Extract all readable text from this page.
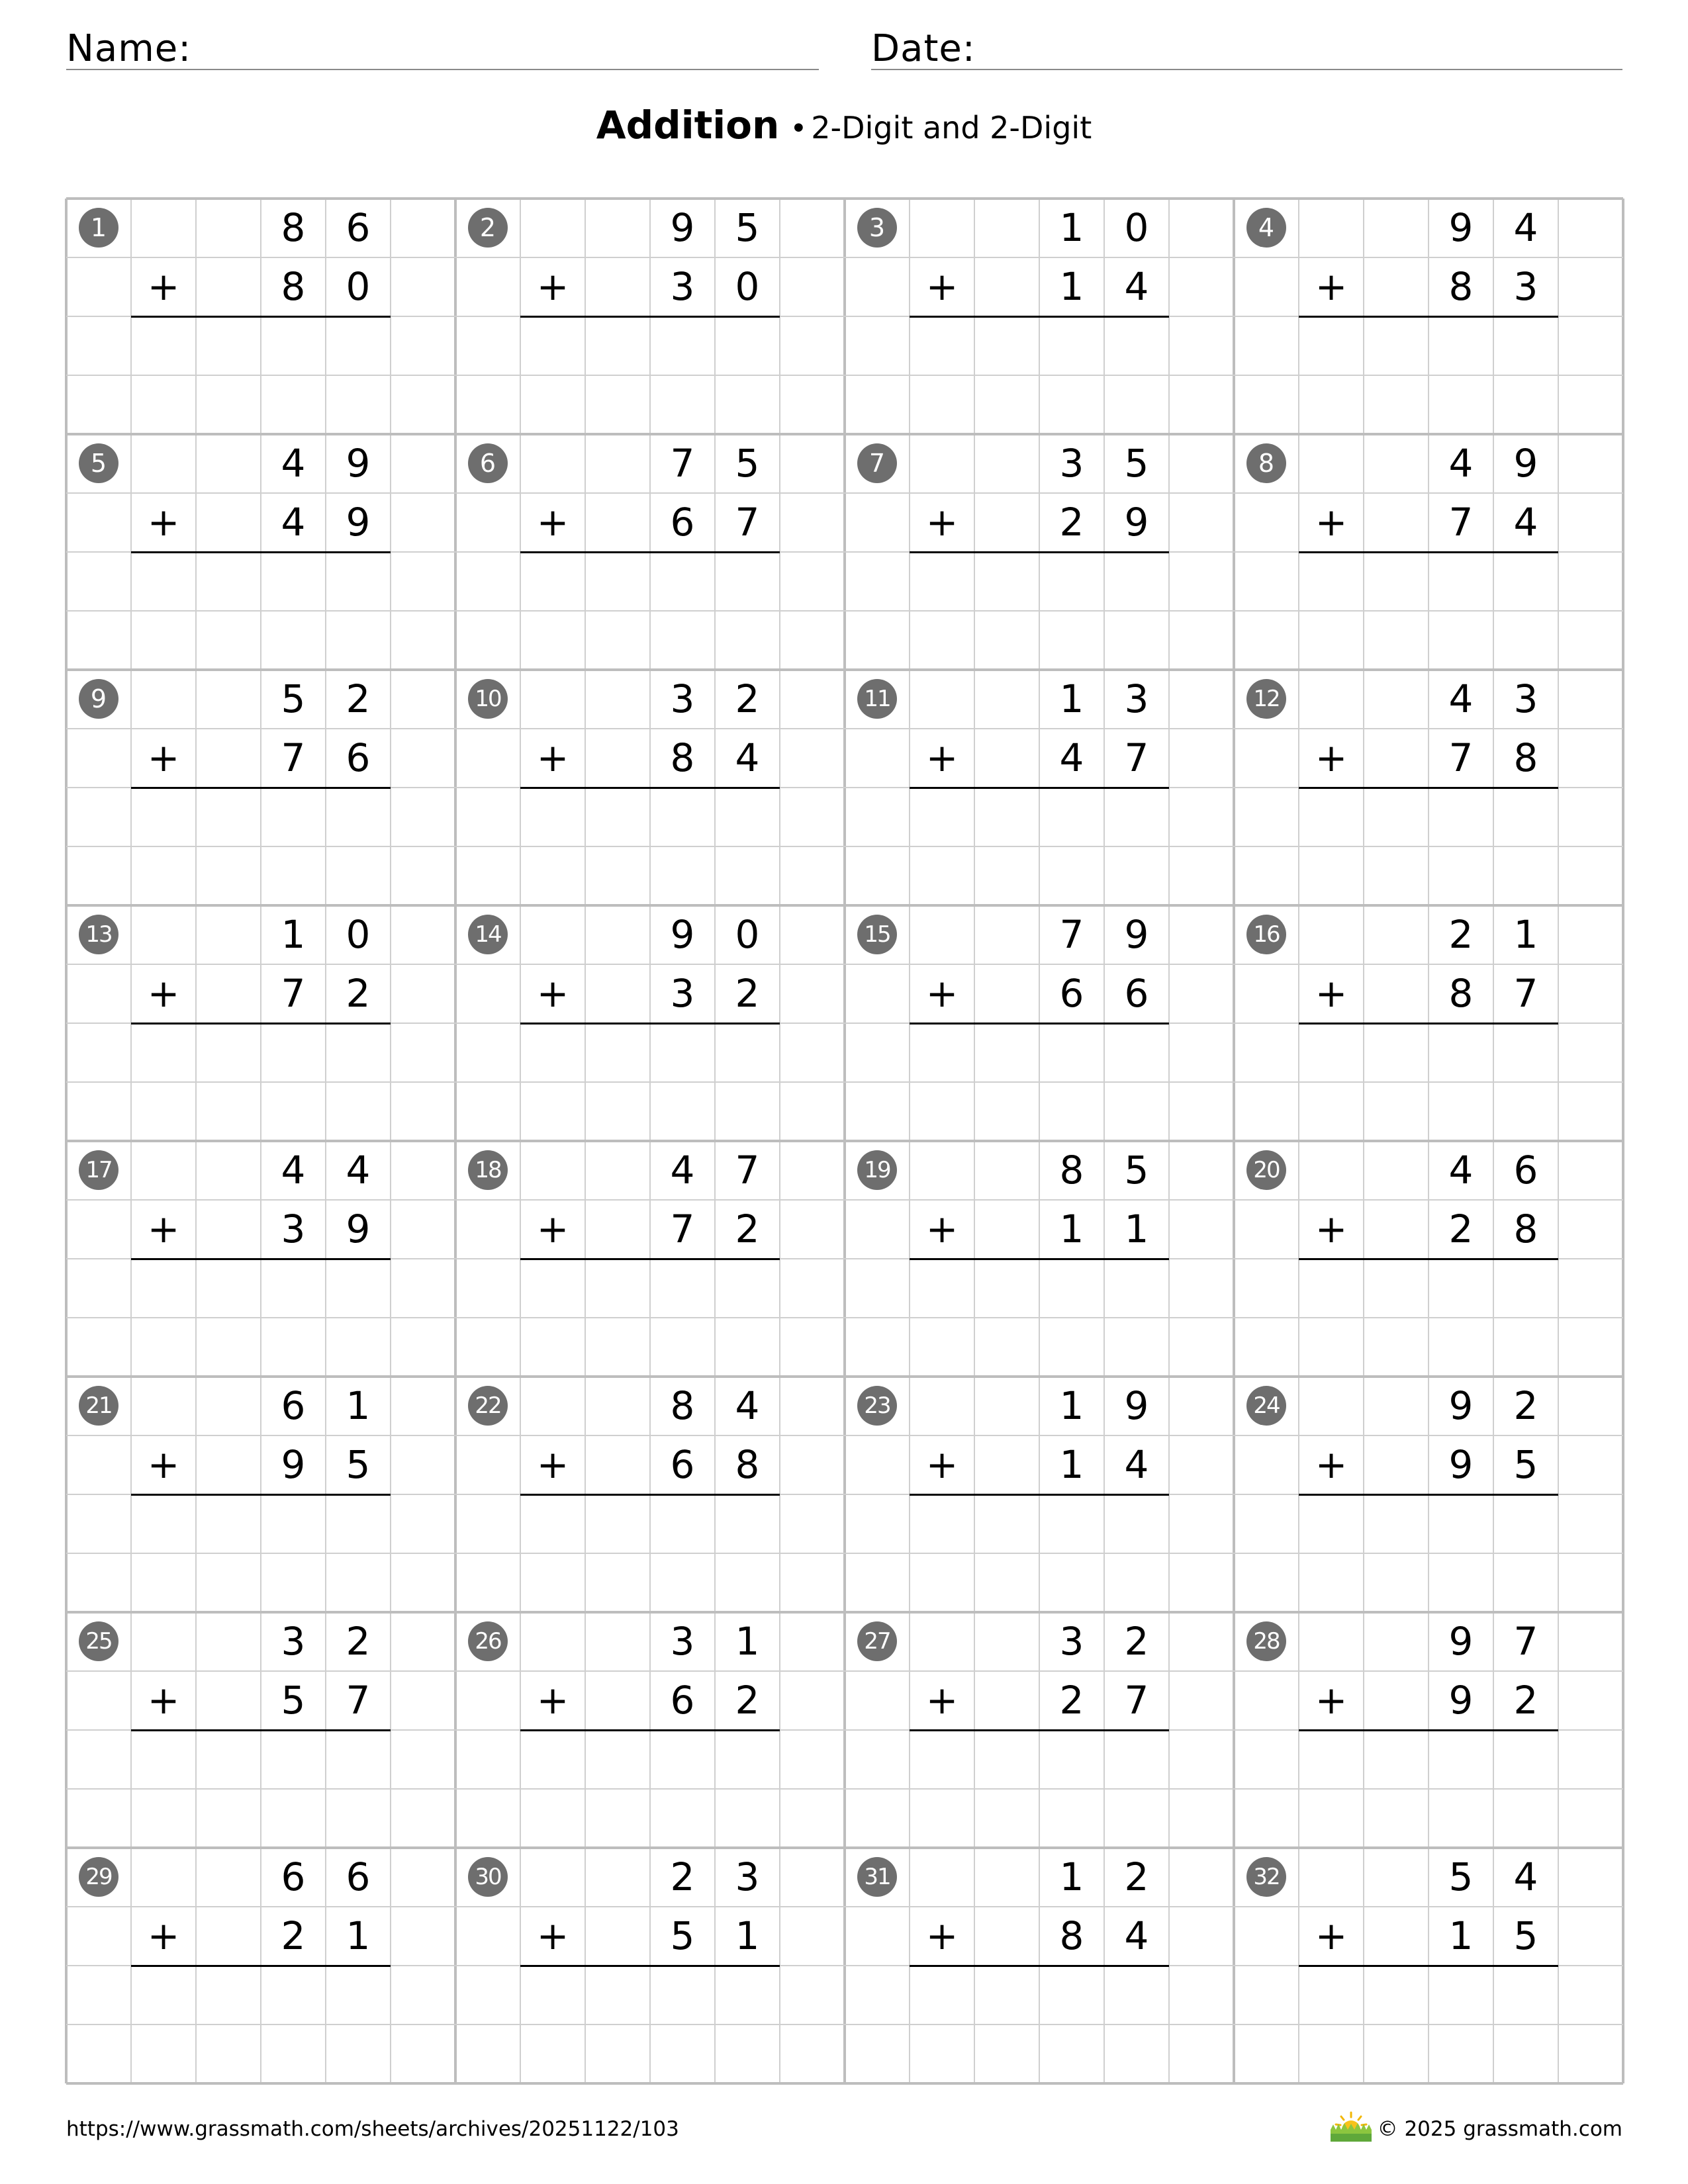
Name:	Date:
Addition • 2-Digit and 2-Digit
1	8	6
+	8	0
2	9	5
+	3	0
3	1	0
+	1	4
4	9	4
+	8	3
5	4	9
+	4	9
6	7	5
+	6	7
7	3	5
+	2	9
8	4	9
+	7	4
9	5	2
+	7	6
10	3	2
+	8	4
11	1	3
+	4	7
12	4	3
+	7	8
13	1	0
+	7	2
14	9	0
+	3	2
15	7	9
+	6	6
16	2	1
+	8	7
17	4	4
+	3	9
18	4	7
+	7	2
19	8	5
+	1	1
20	4	6
+	2	8
21	6	1
+	9	5
22	8	4
+	6	8
23	1	9
+	1	4
24	9	2
+	9	5
25	3	2
+	5	7
26	3	1
+	6	2
27	3	2
+	2	7
28	9	7
+	9	2
29	6	6
+	2	1
30	2	3
+	5	1
31	1	2
+	8	4
32	5	4
+	1	5
https://www.grassmath.com/sheets/archives/20251122/103	© 2025 grassmath.com
